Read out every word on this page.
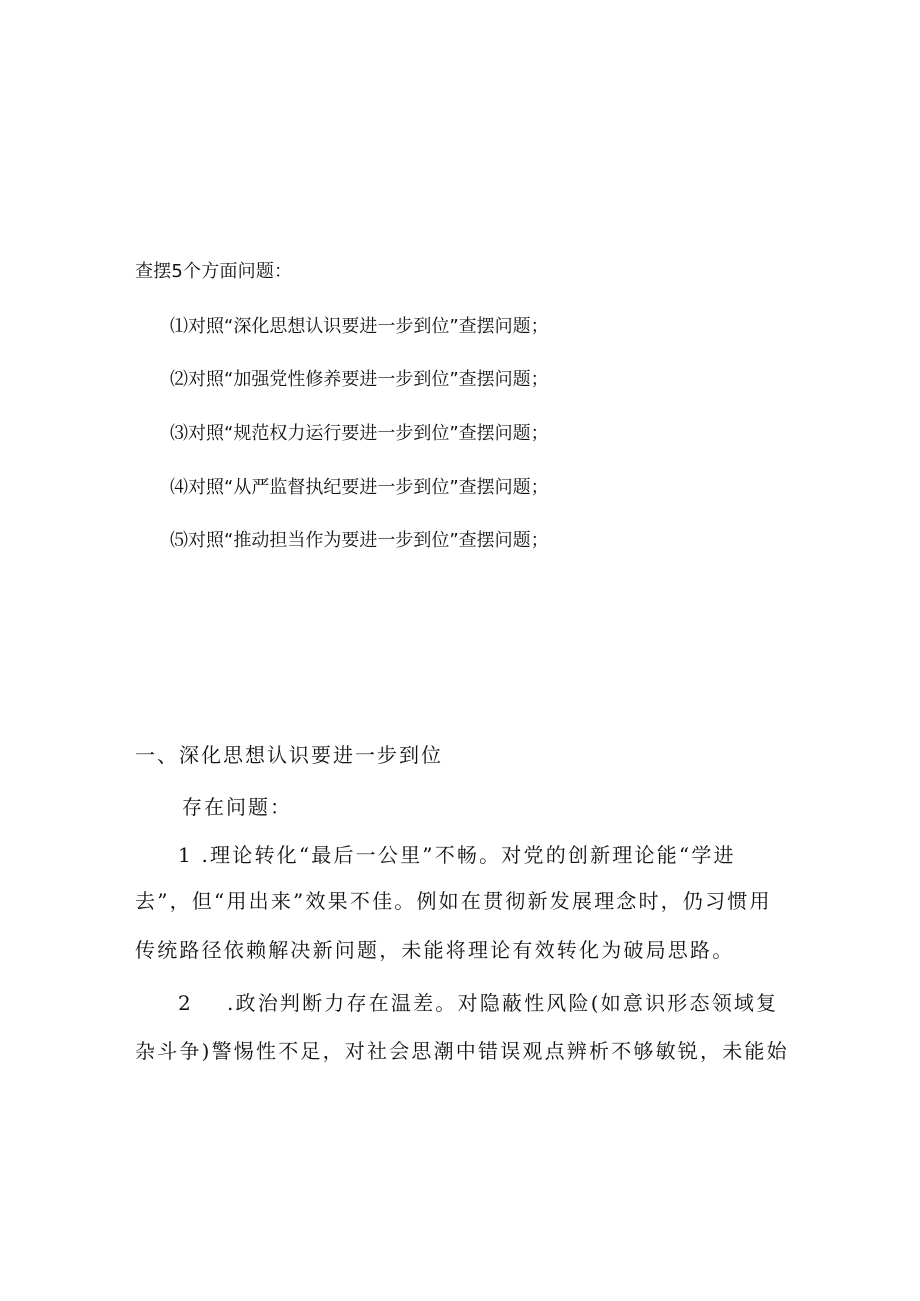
查摆5个方面问题：
⑴对照“深化思想认识要进一步到位”查摆问题；
⑵对照“加强党性修养要进一步到位”查摆问题；
⑶对照“规范权力运行要进一步到位”查摆问题；
⑷对照“从严监督执纪要进一步到位”查摆问题；
⑸对照“推动担当作为要进一步到位”查摆问题；
一、深化思想认识要进一步到位
存在问题：
1 .理论转化“最后一公里”不畅。对党的创新理论能“学进
去”，但“用出来”效果不佳。例如在贯彻新发展理念时，仍习惯用
传统路径依赖解决新问题，未能将理论有效转化为破局思路。
2 .政治判断力存在温差。对隐蔽性风险(如意识形态领域复
杂斗争)警惕性不足，对社会思潮中错误观点辨析不够敏锐，未能始
